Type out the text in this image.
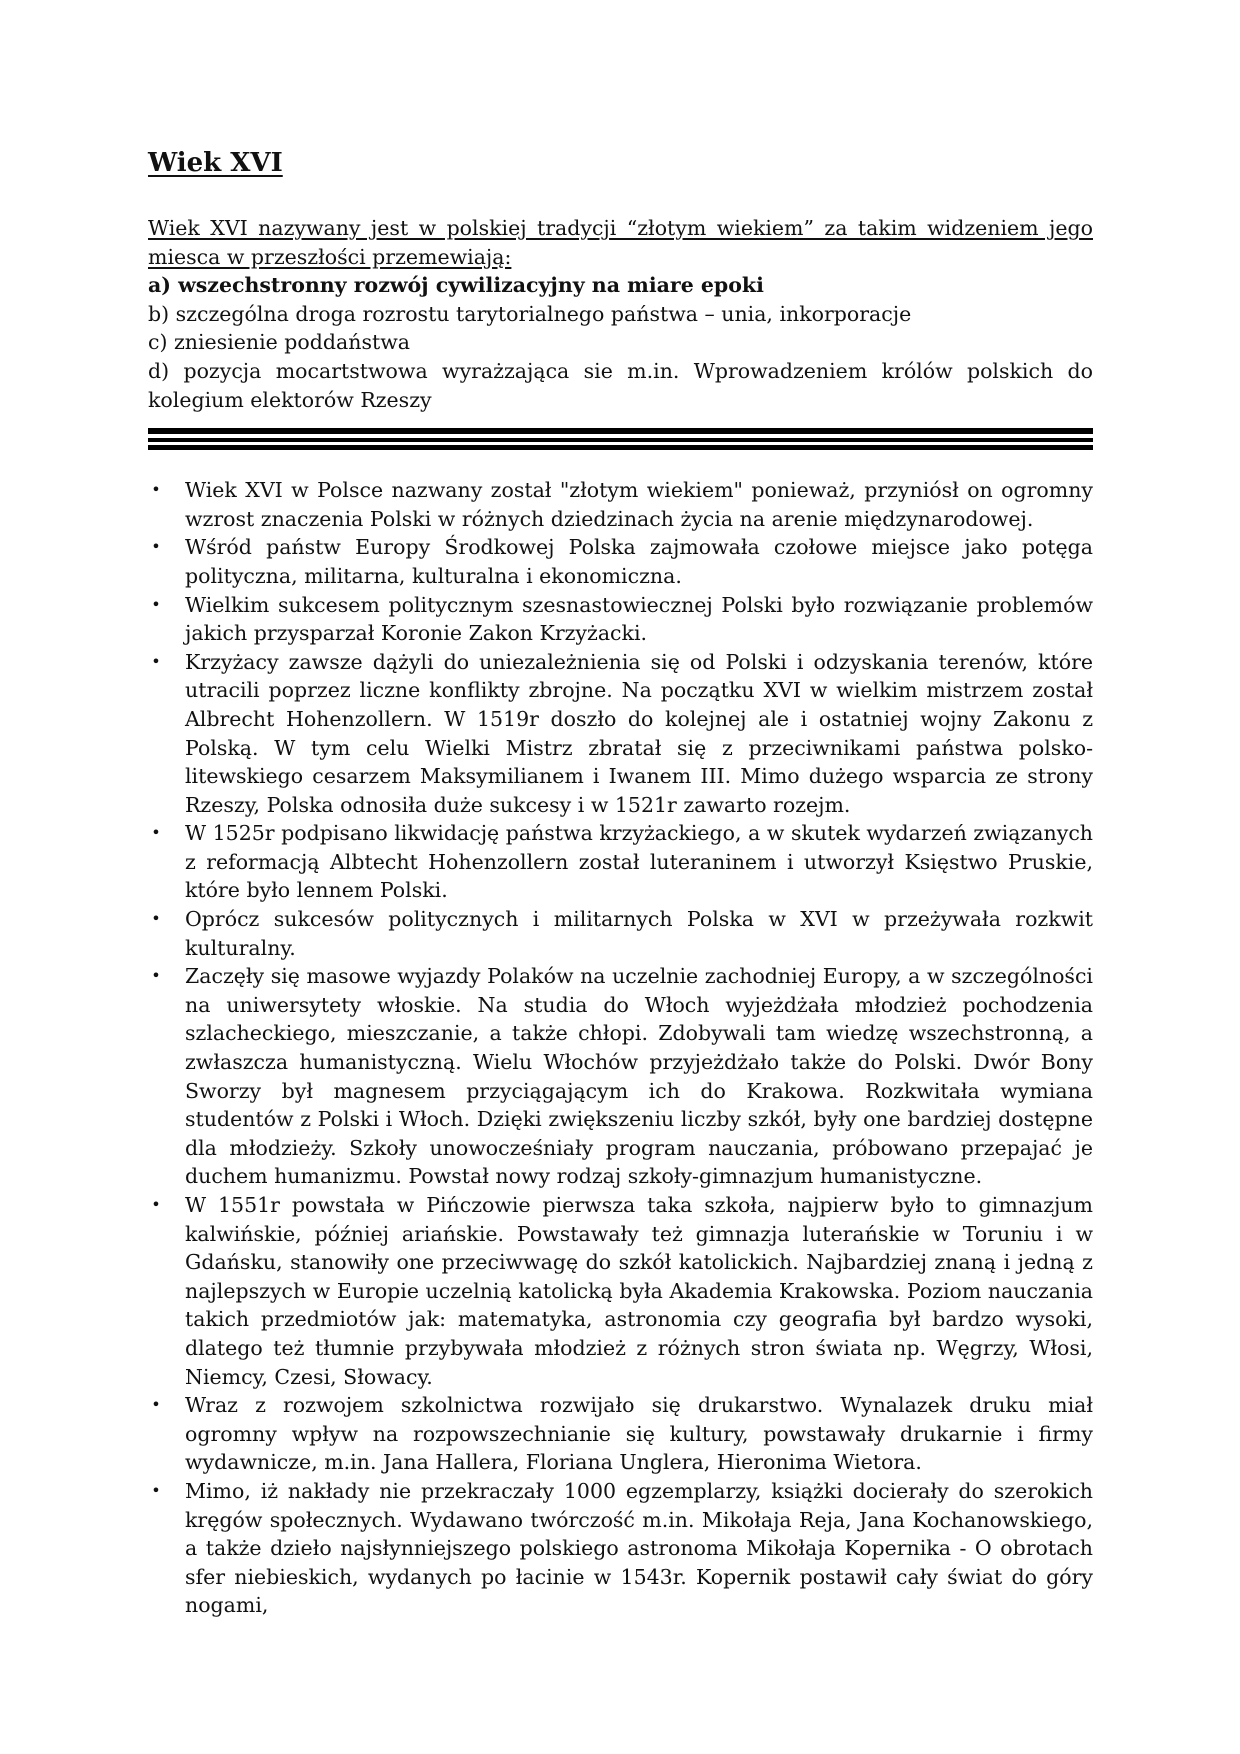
Wiek XVI

Wiek XVI nazywany jest w polskiej tradycji “złotym wiekiem” za takim widzeniem jego miesca w przeszłości przemewiają:

a) wszechstronny rozwój cywilizacyjny na miare epoki

b) szczególna droga rozrostu tarytorialnego państwa – unia, inkorporacje

c) zniesienie poddaństwa

d) pozycja mocartstwowa wyrażzająca sie m.in. Wprowadzeniem królów polskich do kolegium elektorów Rzeszy

• Wiek XVI w Polsce nazwany został "złotym wiekiem" ponieważ, przyniósł on ogromny wzrost znaczenia Polski w różnych dziedzinach życia na arenie międzynarodowej.
• Wśród państw Europy Środkowej Polska zajmowała czołowe miejsce jako potęga polityczna, militarna, kulturalna i ekonomiczna.
• Wielkim sukcesem politycznym szesnastowiecznej Polski było rozwiązanie problemów jakich przysparzał Koronie Zakon Krzyżacki.
• Krzyżacy zawsze dążyli do uniezależnienia się od Polski i odzyskania terenów, które utracili poprzez liczne konflikty zbrojne. Na początku XVI w wielkim mistrzem został Albrecht Hohenzollern. W 1519r doszło do kolejnej ale i ostatniej wojny Zakonu z Polską. W tym celu Wielki Mistrz zbratał się z przeciwnikami państwa polsko-litewskiego cesarzem Maksymilianem i Iwanem III. Mimo dużego wsparcia ze strony Rzeszy, Polska odnosiła duże sukcesy i w 1521r zawarto rozejm.
• W 1525r podpisano likwidację państwa krzyżackiego, a w skutek wydarzeń związanych z reformacją Albtecht Hohenzollern został luteraninem i utworzył Księstwo Pruskie, które było lennem Polski.
• Oprócz sukcesów politycznych i militarnych Polska w XVI w przeżywała rozkwit kulturalny.
• Zaczęły się masowe wyjazdy Polaków na uczelnie zachodniej Europy, a w szczególności na uniwersytety włoskie. Na studia do Włoch wyjeżdżała młodzież pochodzenia szlacheckiego, mieszczanie, a także chłopi. Zdobywali tam wiedzę wszechstronną, a zwłaszcza humanistyczną. Wielu Włochów przyjeżdżało także do Polski. Dwór Bony Sworzy był magnesem przyciągającym ich do Krakowa. Rozkwitała wymiana studentów z Polski i Włoch. Dzięki zwiększeniu liczby szkół, były one bardziej dostępne dla młodzieży. Szkoły unowocześniały program nauczania, próbowano przepajać je duchem humanizmu. Powstał nowy rodzaj szkoły-gimnazjum humanistyczne.
• W 1551r powstała w Pińczowie pierwsza taka szkoła, najpierw było to gimnazjum kalwińskie, później ariańskie. Powstawały też gimnazja luterańskie w Toruniu i w Gdańsku, stanowiły one przeciwwagę do szkół katolickich. Najbardziej znaną i jedną z najlepszych w Europie uczelnią katolicką była Akademia Krakowska. Poziom nauczania takich przedmiotów jak: matematyka, astronomia czy geografia był bardzo wysoki, dlatego też tłumnie przybywała młodzież z różnych stron świata np. Węgrzy, Włosi, Niemcy, Czesi, Słowacy.
• Wraz z rozwojem szkolnictwa rozwijało się drukarstwo. Wynalazek druku miał ogromny wpływ na rozpowszechnianie się kultury, powstawały drukarnie i firmy wydawnicze, m.in. Jana Hallera, Floriana Unglera, Hieronima Wietora.
• Mimo, iż nakłady nie przekraczały 1000 egzemplarzy, książki docierały do szerokich kręgów społecznych. Wydawano twórczość m.in. Mikołaja Reja, Jana Kochanowskiego, a także dzieło najsłynniejszego polskiego astronoma Mikołaja Kopernika - O obrotach sfer niebieskich, wydanych po łacinie w 1543r. Kopernik postawił cały świat do góry nogami,
